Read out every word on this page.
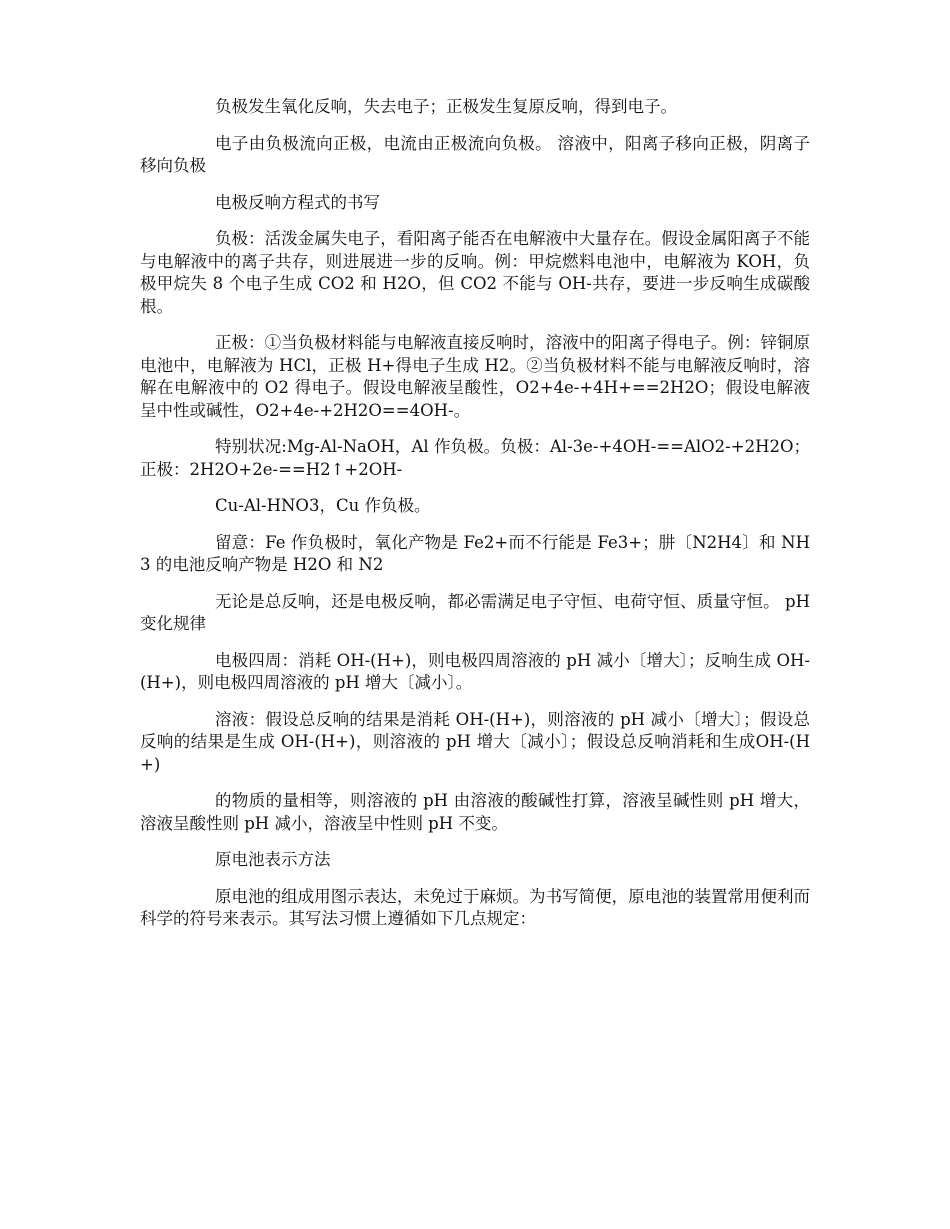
负极发生氧化反响，失去电子；正极发生复原反响，得到电子。

电子由负极流向正极，电流由正极流向负极。 溶液中，阳离子移向正极，阴离子移向负极

电极反响方程式的书写

负极：活泼金属失电子，看阳离子能否在电解液中大量存在。假设金属阳离子不能与电解液中的离子共存，则进展进一步的反响。例：甲烷燃料电池中，电解液为 KOH，负极甲烷失 8 个电子生成 CO2 和 H2O，但 CO2 不能与 OH-共存，要进一步反响生成碳酸根。

正极：①当负极材料能与电解液直接反响时，溶液中的阳离子得电子。例：锌铜原电池中，电解液为 HCl，正极 H+得电子生成 H2。②当负极材料不能与电解液反响时，溶解在电解液中的 O2 得电子。假设电解液呈酸性，O2+4e-+4H+==2H2O；假设电解液呈中性或碱性，O2+4e-+2H2O==4OH-。

特别状况:Mg-Al-NaOH，Al 作负极。负极：Al-3e-+4OH-==AlO2-+2H2O；正极：2H2O+2e-==H2↑+2OH-

Cu-Al-HNO3，Cu 作负极。

留意：Fe 作负极时，氧化产物是 Fe2+而不行能是 Fe3+；肼〔N2H4〕和 NH3 的电池反响产物是 H2O 和 N2

无论是总反响，还是电极反响，都必需满足电子守恒、电荷守恒、质量守恒。 pH 变化规律

电极四周：消耗 OH-(H+)，则电极四周溶液的 pH 减小〔增大〕；反响生成 OH-(H+)，则电极四周溶液的 pH 增大〔减小〕。

溶液：假设总反响的结果是消耗 OH-(H+)，则溶液的 pH 减小〔增大〕；假设总反响的结果是生成 OH-(H+)，则溶液的 pH 增大〔减小〕；假设总反响消耗和生成OH-(H+)

的物质的量相等，则溶液的 pH 由溶液的酸碱性打算，溶液呈碱性则 pH 增大，溶液呈酸性则 pH 减小，溶液呈中性则 pH 不变。

原电池表示方法

原电池的组成用图示表达，未免过于麻烦。为书写简便，原电池的装置常用便利而科学的符号来表示。其写法习惯上遵循如下几点规定：
